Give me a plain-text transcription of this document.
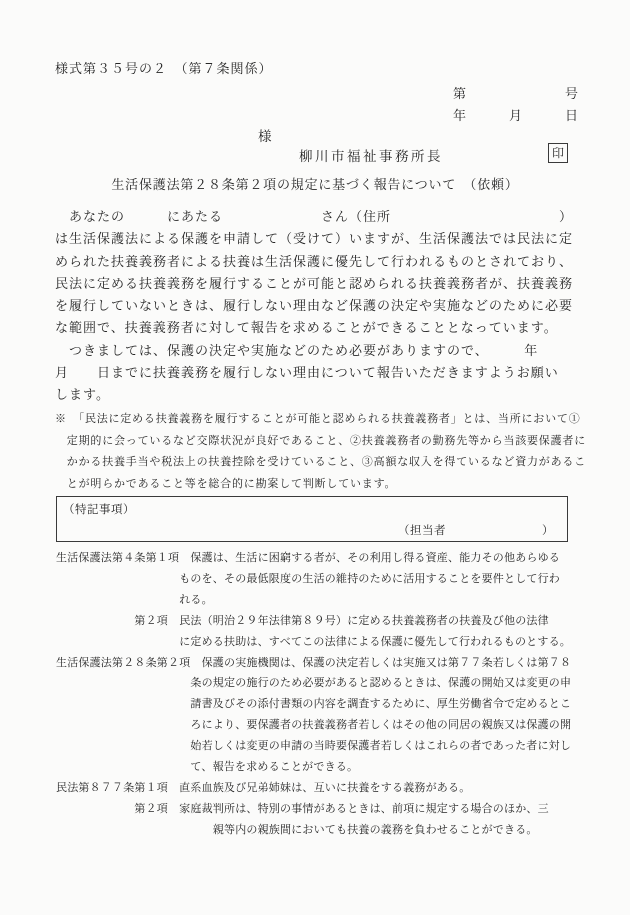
様式第３５号の２　（第７条関係）
第　　　　　　　号
年　　　月　　　日
様
柳川市福祉事務所長	印
生活保護法第２８条第２項の規定に基づく報告について　（依頼）
　あなたの　　　にあたる　　　　　　　さん（住所　　　　　　　　　　　　）
は生活保護法による保護を申請して（受けて）いますが、生活保護法では民法に定
められた扶養義務者による扶養は生活保護に優先して行われるものとされており、
民法に定める扶養義務を履行することが可能と認められる扶養義務者が、扶養義務
を履行していないときは、履行しない理由など保護の決定や実施などのために必要
な範囲で、扶養義務者に対して報告を求めることができることとなっています。
　つきましては、保護の決定や実施などのため必要がありますので、　　　年
月　　日までに扶養義務を履行しない理由について報告いただきますようお願い
します。
※　「民法に定める扶養義務を履行することが可能と認められる扶養義務者」とは、当所において①
　定期的に会っているなど交際状況が良好であること、②扶養義務者の勤務先等から当該要保護者に
　かかる扶養手当や税法上の扶養控除を受けていること、③高額な収入を得ているなど資力があるこ
　とが明らかであること等を総合的に勘案して判断しています。
（特記事項）
（担当者　　　　　　　　）
生活保護法第４条第１項　保護は、生活に困窮する者が、その利用し得る資産、能力その他あらゆる
　　　　　　　　　　　ものを、その最低限度の生活の維持のために活用することを要件として行わ
　　　　　　　　　　　れる。
　　　　　　　第２項　民法（明治２９年法律第８９号）に定める扶養義務者の扶養及び他の法律
　　　　　　　　　　　に定める扶助は、すべてこの法律による保護に優先して行われるものとする。
生活保護法第２８条第２項　保護の実施機関は、保護の決定若しくは実施又は第７７条若しくは第７８
　　　　　　　　　　　　条の規定の施行のため必要があると認めるときは、保護の開始又は変更の申
　　　　　　　　　　　　請書及びその添付書類の内容を調査するために、厚生労働省令で定めるとこ
　　　　　　　　　　　　ろにより、要保護者の扶養義務者若しくはその他の同居の親族又は保護の開
　　　　　　　　　　　　始若しくは変更の申請の当時要保護者若しくはこれらの者であった者に対し
　　　　　　　　　　　　て、報告を求めることができる。
民法第８７７条第１項　直系血族及び兄弟姉妹は、互いに扶養をする義務がある。
　　　　　　　第２項　家庭裁判所は、特別の事情があるときは、前項に規定する場合のほか、三
　　　　　　　　　　　　　　親等内の親族間においても扶養の義務を負わせることができる。
